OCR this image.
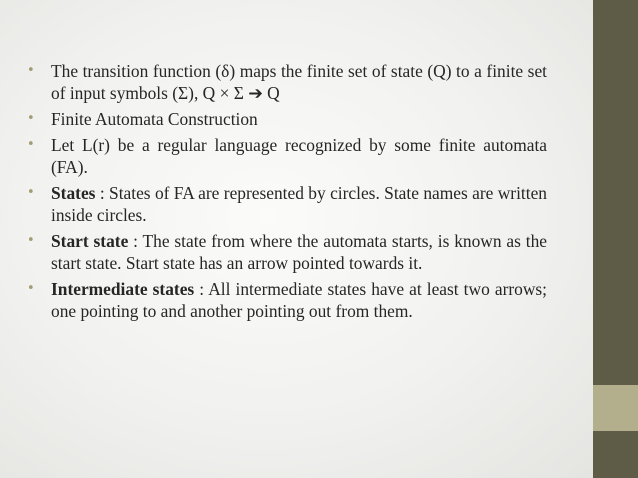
• The transition function (δ) maps the finite set of state (Q) to a finite set of input symbols (Σ), Q × Σ ➔ Q
• Finite Automata Construction
• Let L(r) be a regular language recognized by some finite automata (FA).
• States : States of FA are represented by circles. State names are written inside circles.
• Start state : The state from where the automata starts, is known as the start state. Start state has an arrow pointed towards it.
• Intermediate states : All intermediate states have at least two arrows; one pointing to and another pointing out from them.
